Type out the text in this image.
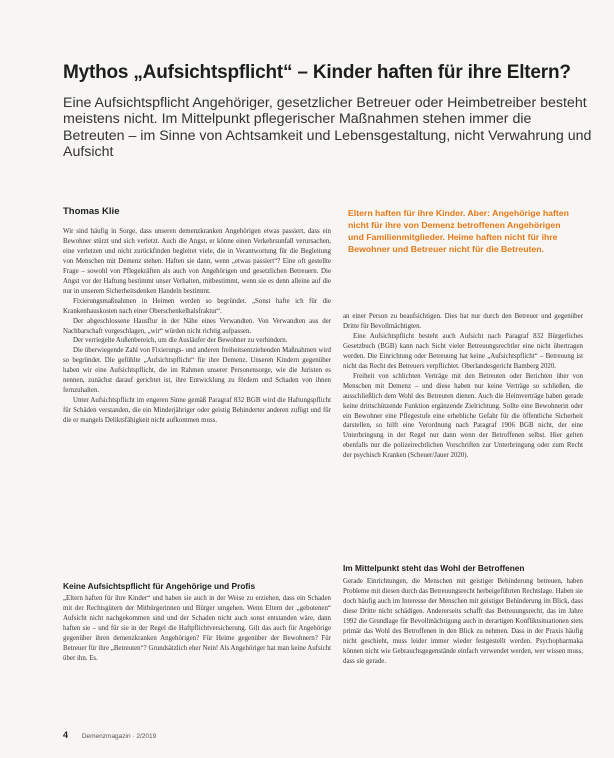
Mythos „Aufsichtspflicht“ – Kinder haften für ihre Eltern?
Eine Aufsichtspflicht Angehöriger, gesetzlicher Betreuer oder Heimbetreiber besteht meistens nicht. Im Mittelpunkt pflegerischer Maßnahmen stehen immer die Betreuten – im Sinne von Achtsamkeit und Lebensgestaltung, nicht Verwahrung und Aufsicht
Thomas Klie	Eltern haften für ihre Kinder. Aber: Angehörige haften nicht für ihre von Demenz betroffenen Angehörigen und Familienmitglieder. Heime haften nicht für ihre Bewohner und Betreuer nicht für die Betreuten.

Wir sind häufig in Sorge, dass unseren demenzkranken Angehörigen etwas passiert, dass ein Bewohner stürzt und sich verletzt. Auch die Angst, er könne einen Verkehrsunfall verursachen, eine verletzen und nicht zurückfinden begleitet viele, die in Verantwortung für die Begleitung von Menschen mit Demenz stehen. Haften sie dann, wenn „etwas passiert“? Eine oft gestellte Frage – sowohl von Pflegekräften als auch von Angehörigen und gesetzlichen Betreuern. Die Angst vor der Haftung bestimmt unser Verhalten, mitbestimmt, wenn sie es denn alleine auf die nur in unserem Sicherheitsdenken Handeln bestimmt.

Fixierungsmaßnahmen in Heimen werden so begründet. „Sonst hafte ich für die Krankenhauskosten nach einer Oberschenkelhalsfraktur“.

Der abgeschlossene Hausflur in der Nähe eines Verwandten. Von Verwandten aus der Nachbarschaft vorgeschlagen, „wir“ würden nicht richtig aufpassen.

Der verriegelte Außenbereich, um die Ausläufer der Bewohner zu verhindern.

Die überwiegende Zahl von Fixierungs- und anderen freiheitsentziehenden Maßnahmen wird so begründet. Die gefühlte „Aufsichtspflicht“ für ihre Demenz. Unseren Kindern gegenüber haben wir eine Aufsichtspflicht, die im Rahmen unserer Personensorge, wie die Juristen es nennen, zunächst darauf gerichtet ist, ihre Entwicklung zu fördern und Schaden von ihnen fernzuhalten.

Unter Aufsichtspflicht im engeren Sinne gemäß Paragraf 832 BGB wird die Haftungspflicht für Schäden verstanden, die ein Minderjähriger oder geistig Behinderter anderen zufügt und für die er mangels Deliktsfähigkeit nicht aufkommen muss.

Keine Aufsichtspflicht für Angehörige und Profis

„Eltern haften für ihre Kinder“ und haben sie auch in der Weise zu erziehen, dass ein Schaden mit der Rechtsgütern der Mitbürgerinnen und Bürger umgehen. Wenn Eltern der „gebotenen“ Aufsicht nicht nachgekommen sind und der Schaden nicht auch sonst entstanden wäre, dann haften sie – und für sie in der Regel die Haftpflichtversicherung. Gilt das auch für Angehörige gegenüber ihren demenzkranken Angehörigen? Für Heime gegenüber der Bewohnern? Für Betreuer für ihre „Betreuten“? Grundsätzlich eher Nein! Als Angehöriger hat man keine Aufsicht über ihn. Es.

an einer Person zu beaufsichtigen. Dies hat nur durch den Betreuer und gegenüber Dritte für Bevollmächtigten.

Eine Aufsichtspflicht besteht auch Aufsicht nach Paragraf 832 Bürgerliches Gesetzbuch (BGB) kann nach Sicht vieler Betreuungsrechtler eine nicht übertragen werden. Die Einrichtung oder Betreuung hat keine „Aufsichtspflicht“ – Betreuung ist nicht das Recht des Betreuers verpflichtet. Oberlandesgericht Bamberg 2020.

Freiheit von schlichten Verträge mit den Betreuten oder Berichten über von Menschen mit Demenz – und diese haben nur keine Verträge so schließen, die ausschließlich dem Wohl des Betreuten dienen. Auch die Heimverträge haben gerade keine drittschützende Funktion ergänzende Zielrichtung. Sollte eine Bewohnerin oder ein Bewohner eine Pflegestufe eine erhebliche Gefahr für die öffentliche Sicherheit darstellen, so hilft eine Verordnung nach Paragraf 1906 BGB nicht, der eine Unterbringung in der Regel nur dann wenn der Betroffenen selbst. Hier gelten ebenfalls nur die polizeirechtlichen Vorschriften zur Unterbringung oder zum Recht der psychisch Kranken (Scheuer/Jauer 2020).

Im Mittelpunkt steht das Wohl der Betroffenen

Gerade Einrichtungen, die Menschen mit geistiger Behinderung betreuen, haben Probleme mit diesen durch das Betreuungsrecht herbeigeführten Rechtslage. Haben sie doch häufig auch im Interesse der Menschen mit geistiger Behinderung im Blick, dass diese Dritte nicht schädigen. Andererseits schafft das Betreuungsrecht, das im Jahre 1992 die Grundlage für Bevollmächtigung auch in derartigen Konfliktsituationen stets primär das Wohl des Betroffenen in den Blick zu nehmen. Dass in der Praxis häufig nicht geschieht, muss leider immer wieder festgestellt werden. Psychopharmaka können nicht wie Gebrauchsgegenstände einfach verwendet werden, wer wissen muss, dass sie gerade.

4 Demenzmagazin · 2/2019
